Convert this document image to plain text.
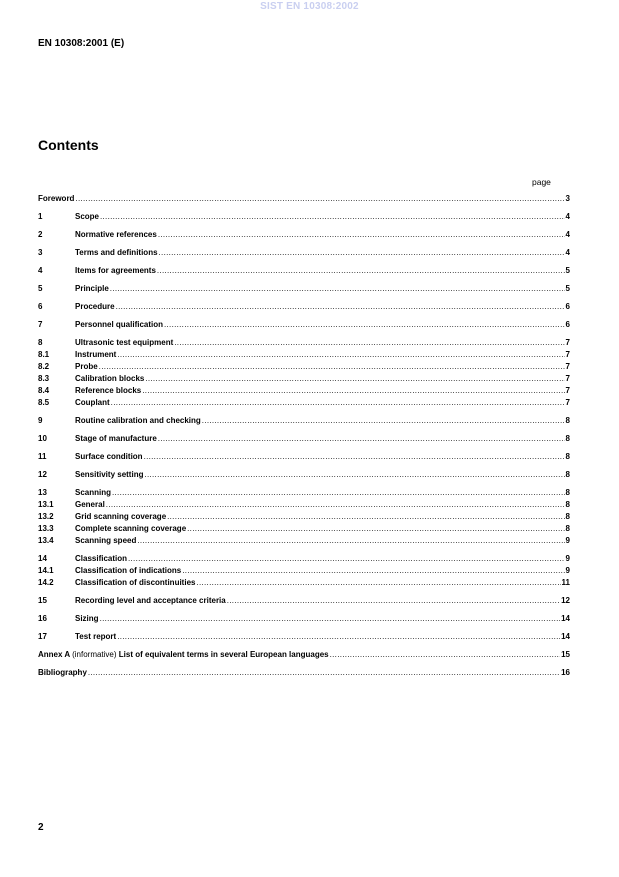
SIST EN 10308:2002
EN 10308:2001 (E)
Contents
page
Foreword .....	3
1	Scope .....	4
2	Normative references .....	4
3	Terms and definitions .....	4
4	Items for agreements .....	5
5	Principle .....	5
6	Procedure .....	6
7	Personnel qualification .....	6
8	Ultrasonic test equipment .....	7
8.1	Instrument .....	7
8.2	Probe .....	7
8.3	Calibration blocks .....	7
8.4	Reference blocks .....	7
8.5	Couplant .....	7
9	Routine calibration and checking .....	8
10	Stage of manufacture .....	8
11	Surface condition .....	8
12	Sensitivity setting .....	8
13	Scanning .....	8
13.1	General .....	8
13.2	Grid scanning coverage .....	8
13.3	Complete scanning coverage .....	8
13.4	Scanning speed .....	9
14	Classification .....	9
14.1	Classification of indications .....	9
14.2	Classification of discontinuities .....	11
15	Recording level and acceptance criteria .....	12
16	Sizing .....	14
17	Test report .....	14
Annex A (informative) List of equivalent terms in several European languages .....	15
Bibliography .....	16
2
